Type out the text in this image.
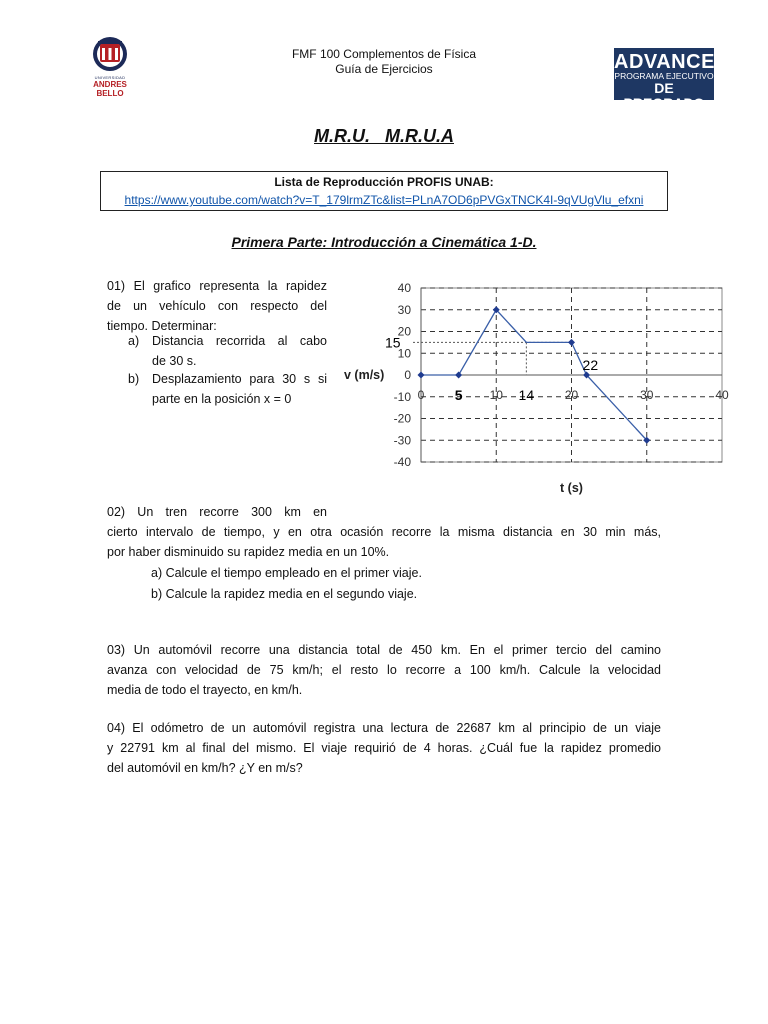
UNIVERSIDAD
ANDRES BELLO
FMF 100 Complementos de Física
Guía de Ejercicios	ADVANCE
PROGRAMA EJECUTIVO
DE PREGRADO
M.R.U.   M.R.U.A
Lista de Reproducción PROFIS UNAB:
https://www.youtube.com/watch?v=T_179lrmZTc&list=PLnA7OD6pPVGxTNCK4I-9qVUgVlu_efxni
Primera Parte: Introducción a Cinemática 1-D.
01) El grafico representa la rapidez
de un vehículo con respecto del
tiempo. Determinar:
a) Distancia recorrida al cabo
de 30 s.
b) Desplazamiento para 30 s si
parte en la posición x = 0
40
30
20
10
0
-10
-20
-30
-40
0	10	20	30	40
v (m/s)
t (s)
15
5	14
22
02) Un tren recorre 300 km en
cierto intervalo de tiempo, y en otra ocasión recorre la misma distancia en 30 min más,
por haber disminuido su rapidez media en un 10%.
a) Calcule el tiempo empleado en el primer viaje.
b) Calcule la rapidez media en el segundo viaje.
03) Un automóvil recorre una distancia total de 450 km. En el primer tercio del camino
avanza con velocidad de 75 km/h; el resto lo recorre a 100 km/h. Calcule la velocidad
media de todo el trayecto, en km/h.
04) El odómetro de un automóvil registra una lectura de 22687 km al principio de un viaje
y 22791 km al final del mismo. El viaje requirió de 4 horas. ¿Cuál fue la rapidez promedio
del automóvil en km/h? ¿Y en m/s?
